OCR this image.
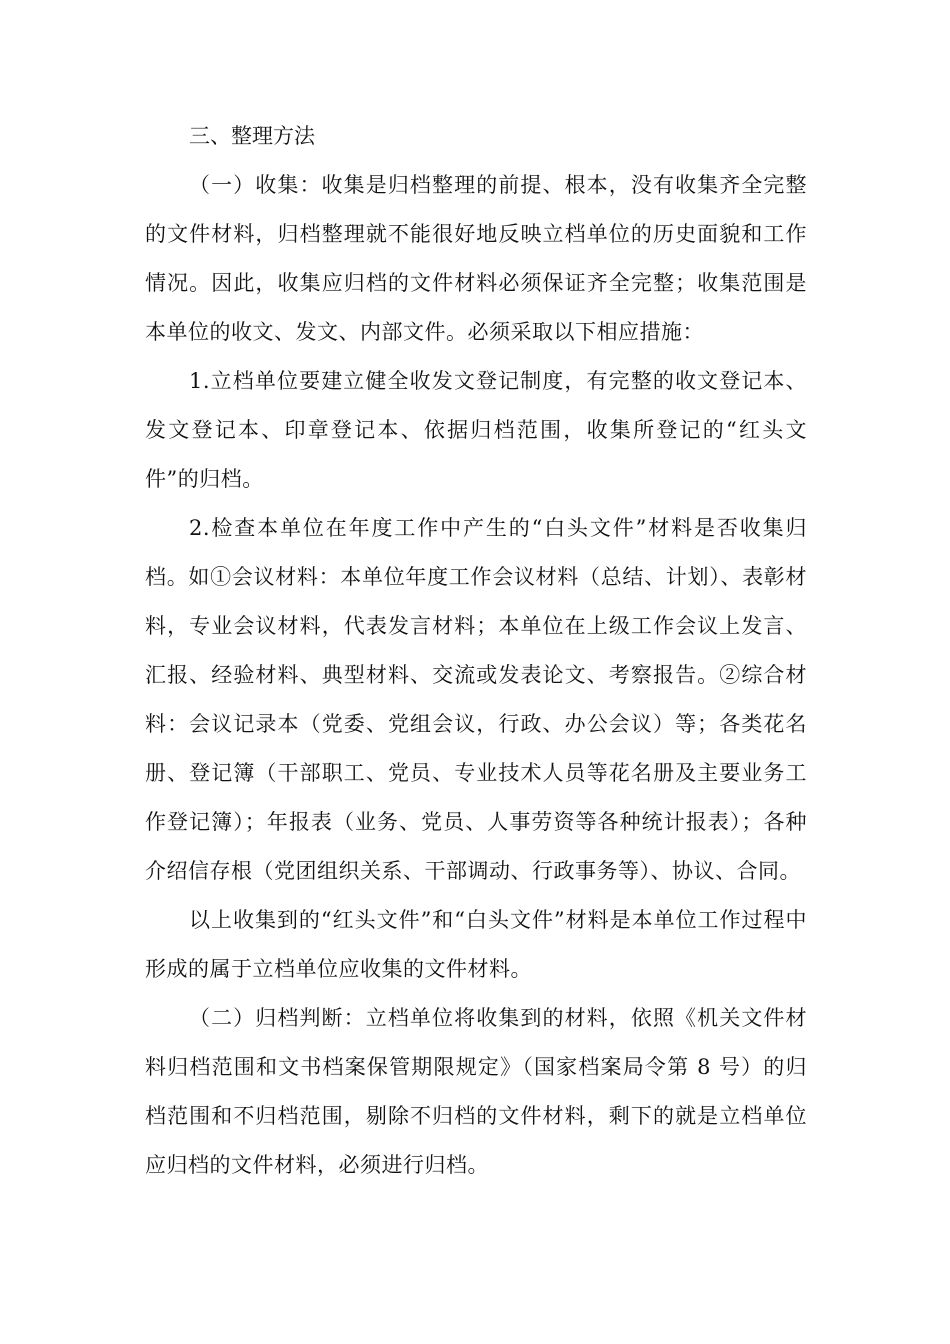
三、整理方法

（一）收集：收集是归档整理的前提、根本，没有收集齐全完整的文件材料，归档整理就不能很好地反映立档单位的历史面貌和工作情况。因此，收集应归档的文件材料必须保证齐全完整；收集范围是本单位的收文、发文、内部文件。必须采取以下相应措施：

1.立档单位要建立健全收发文登记制度，有完整的收文登记本、发文登记本、印章登记本、依据归档范围，收集所登记的“红头文件”的归档。

2.检查本单位在年度工作中产生的“白头文件”材料是否收集归档。如①会议材料：本单位年度工作会议材料（总结、计划）、表彰材料，专业会议材料，代表发言材料；本单位在上级工作会议上发言、汇报、经验材料、典型材料、交流或发表论文、考察报告。②综合材料：会议记录本（党委、党组会议，行政、办公会议）等；各类花名册、登记簿（干部职工、党员、专业技术人员等花名册及主要业务工作登记簿）；年报表（业务、党员、人事劳资等各种统计报表）；各种介绍信存根（党团组织关系、干部调动、行政事务等）、协议、合同。

以上收集到的“红头文件”和“白头文件”材料是本单位工作过程中形成的属于立档单位应收集的文件材料。

（二）归档判断：立档单位将收集到的材料，依照《机关文件材料归档范围和文书档案保管期限规定》（国家档案局令第 8 号）的归档范围和不归档范围，剔除不归档的文件材料，剩下的就是立档单位应归档的文件材料，必须进行归档。
